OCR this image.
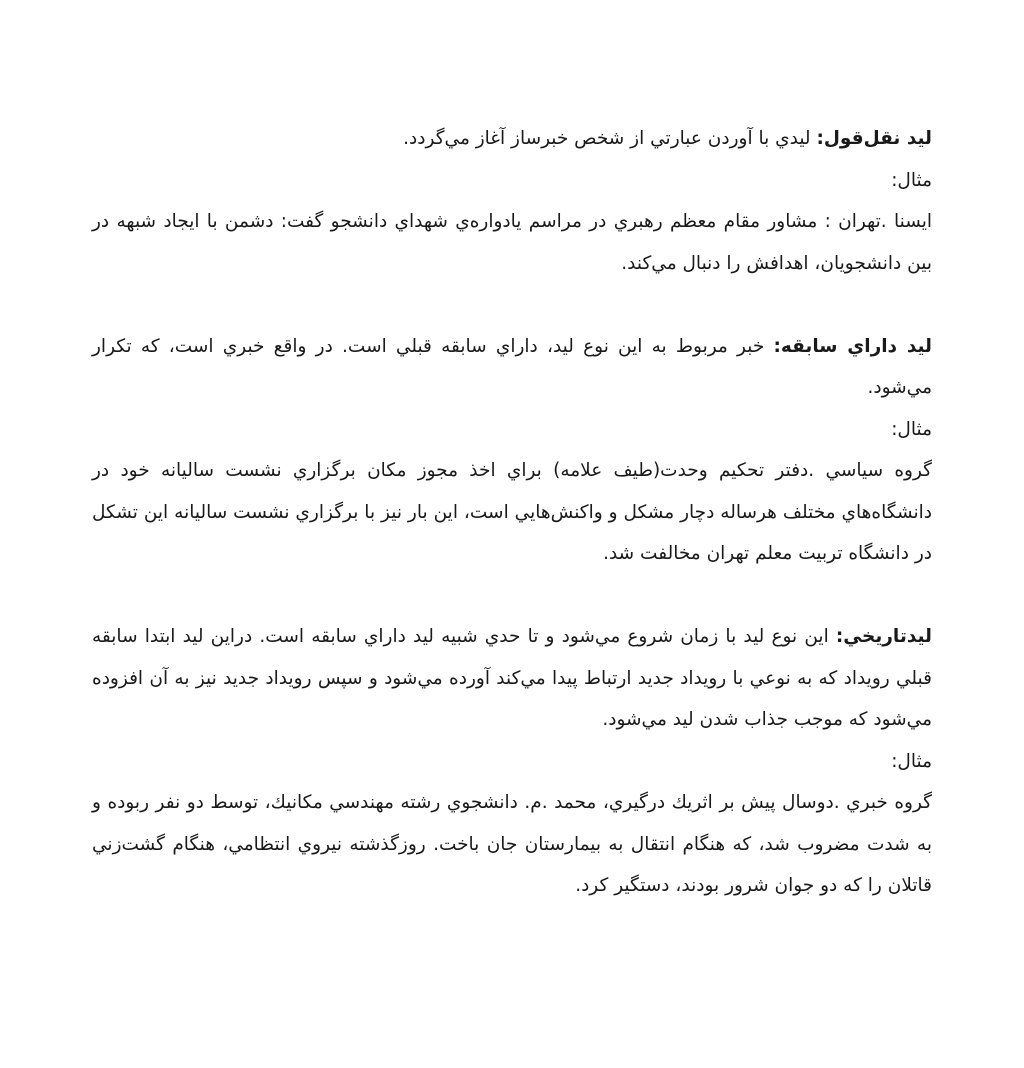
ليد نقل‌قول: ليدي با آوردن عبارتي از شخص خبرساز آغاز مي‌گردد.

مثال:

ايسنا .تهران : مشاور مقام معظم رهبري در مراسم يادواره‌ي شهداي دانشجو گفت: دشمن با ايجاد شبهه در بين دانشجويان، اهدافش را دنبال مي‌كند.

ليد داراي سابقه: خبر مربوط به اين نوع ليد، داراي سابقه قبلي است. در واقع خبري است، كه تكرار مي‌شود.

مثال:

گروه سياسي .دفتر تحكيم وحدت(طيف علامه) براي اخذ مجوز مكان برگزاري نشست ساليانه خود در دانشگاه‌هاي مختلف هرساله دچار مشكل و واكنش‌هايي است، اين بار نيز با برگزاري نشست ساليانه اين تشكل در دانشگاه تربيت معلم تهران مخالفت شد.

ليدتاريخي: اين نوع ليد با زمان شروع مي‌شود و تا حدي شبيه ليد داراي سابقه است. دراين ليد ابتدا سابقه قبلي رويداد كه به نوعي با رويداد جديد ارتباط پيدا مي‌كند آورده مي‌شود و سپس رويداد جديد نيز به آن افزوده مي‌شود كه موجب جذاب شدن ليد مي‌شود.

مثال:

گروه خبري .دوسال پيش بر اثريك درگيري، محمد .م. دانشجوي رشته مهندسي مكانيك، توسط دو نفر ربوده و به شدت مضروب شد، كه هنگام انتقال به بيمارستان جان باخت. روزگذشته نيروي انتظامي، هنگام گشت‌زني قاتلان را كه دو جوان شرور بودند، دستگير كرد.
